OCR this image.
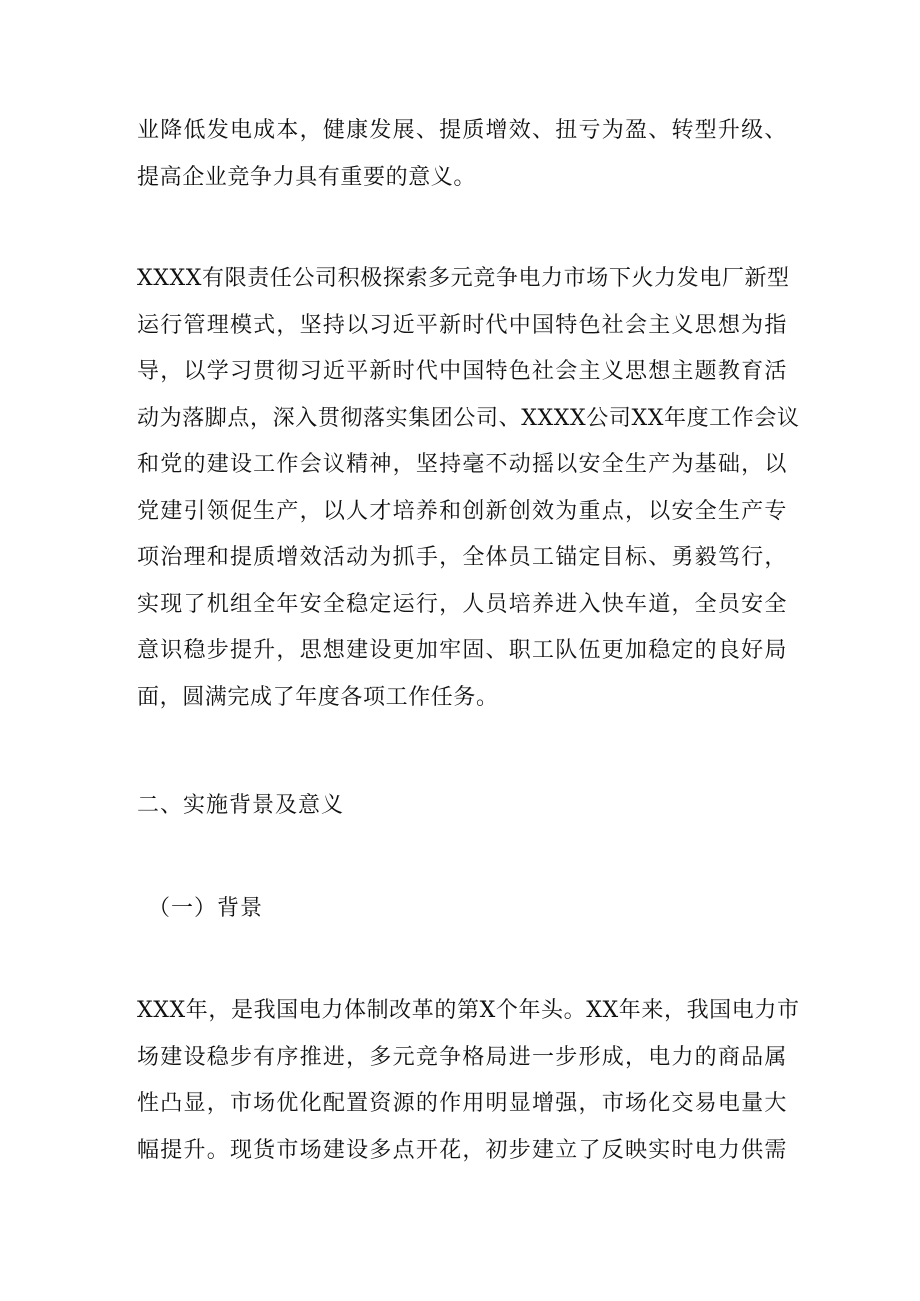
业降低发电成本，健康发展、提质增效、扭亏为盈、转型升级、
提高企业竞争力具有重要的意义。

XXXX有限责任公司积极探索多元竞争电力市场下火力发电厂新型
运行管理模式，坚持以习近平新时代中国特色社会主义思想为指
导，以学习贯彻习近平新时代中国特色社会主义思想主题教育活
动为落脚点，深入贯彻落实集团公司、XXXX公司XX年度工作会议
和党的建设工作会议精神，坚持毫不动摇以安全生产为基础，以
党建引领促生产，以人才培养和创新创效为重点，以安全生产专
项治理和提质增效活动为抓手，全体员工锚定目标、勇毅笃行，
实现了机组全年安全稳定运行，人员培养进入快车道，全员安全
意识稳步提升，思想建设更加牢固、职工队伍更加稳定的良好局
面，圆满完成了年度各项工作任务。

二、实施背景及意义
（一）背景

XXX年，是我国电力体制改革的第X个年头。XX年来，我国电力市
场建设稳步有序推进，多元竞争格局进一步形成，电力的商品属
性凸显，市场优化配置资源的作用明显增强，市场化交易电量大
幅提升。现货市场建设多点开花，初步建立了反映实时电力供需
